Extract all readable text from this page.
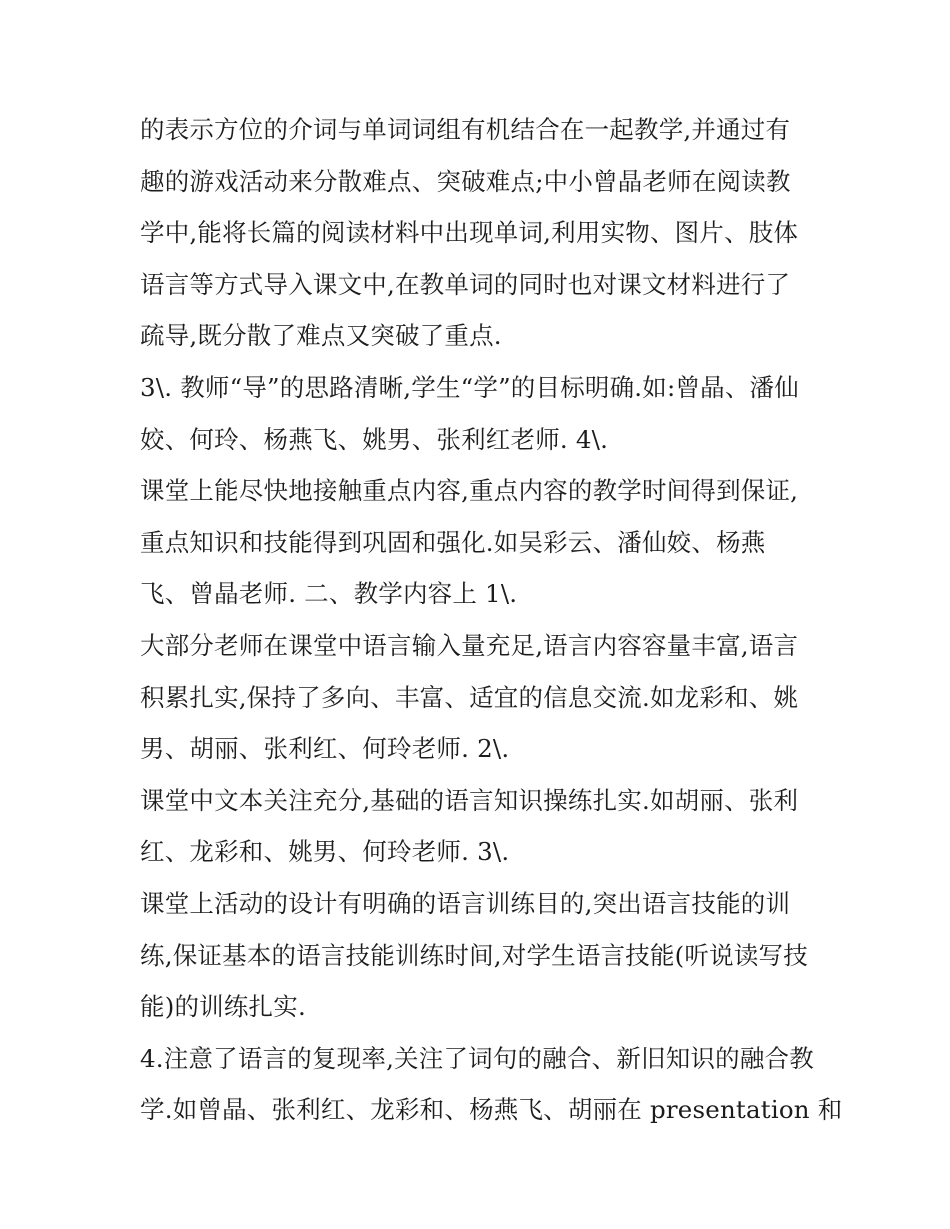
的表示方位的介词与单词词组有机结合在一起教学,并通过有
趣的游戏活动来分散难点、突破难点;中小曾晶老师在阅读教
学中,能将长篇的阅读材料中出现单词,利用实物、图片、肢体
语言等方式导入课文中,在教单词的同时也对课文材料进行了
疏导,既分散了难点又突破了重点.
3\. 教师“导”的思路清晰,学生“学”的目标明确.如:曾晶、潘仙
姣、何玲、杨燕飞、姚男、张利红老师. 4\.
课堂上能尽快地接触重点内容,重点内容的教学时间得到保证,
重点知识和技能得到巩固和强化.如吴彩云、潘仙姣、杨燕
飞、曾晶老师. 二、教学内容上 1\.
大部分老师在课堂中语言输入量充足,语言内容容量丰富,语言
积累扎实,保持了多向、丰富、适宜的信息交流.如龙彩和、姚
男、胡丽、张利红、何玲老师. 2\.
课堂中文本关注充分,基础的语言知识操练扎实.如胡丽、张利
红、龙彩和、姚男、何玲老师. 3\.
课堂上活动的设计有明确的语言训练目的,突出语言技能的训
练,保证基本的语言技能训练时间,对学生语言技能(听说读写技
能)的训练扎实.
4.注意了语言的复现率,关注了词句的融合、新旧知识的融合教
学.如曾晶、张利红、龙彩和、杨燕飞、胡丽在 presentation 和
